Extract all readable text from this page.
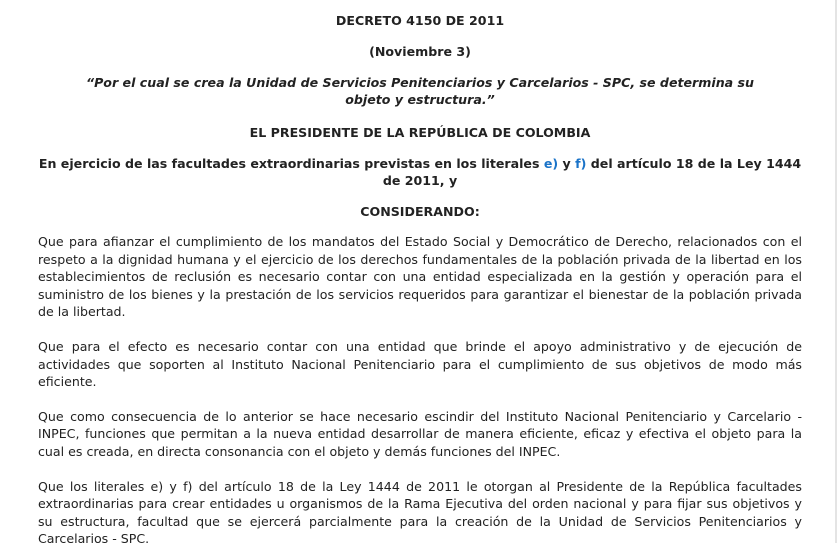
DECRETO 4150 DE 2011

(Noviembre 3)

“Por el cual se crea la Unidad de Servicios Penitenciarios y Carcelarios - SPC, se determina su objeto y estructura.”

EL PRESIDENTE DE LA REPÚBLICA DE COLOMBIA

En ejercicio de las facultades extraordinarias previstas en los literales e) y f) del artículo 18 de la Ley 1444 de 2011, y

CONSIDERANDO:

Que para afianzar el cumplimiento de los mandatos del Estado Social y Democrático de Derecho, relacionados con el respeto a la dignidad humana y el ejercicio de los derechos fundamentales de la población privada de la libertad en los establecimientos de reclusión es necesario contar con una entidad especializada en la gestión y operación para el suministro de los bienes y la prestación de los servicios requeridos para garantizar el bienestar de la población privada de la libertad.

Que para el efecto es necesario contar con una entidad que brinde el apoyo administrativo y de ejecución de actividades que soporten al Instituto Nacional Penitenciario para el cumplimiento de sus objetivos de modo más eficiente.

Que como consecuencia de lo anterior se hace necesario escindir del Instituto Nacional Penitenciario y Carcelario - INPEC, funciones que permitan a la nueva entidad desarrollar de manera eficiente, eficaz y efectiva el objeto para la cual es creada, en directa consonancia con el objeto y demás funciones del INPEC.

Que los literales e) y f) del artículo 18 de la Ley 1444 de 2011 le otorgan al Presidente de la República facultades extraordinarias para crear entidades u organismos de la Rama Ejecutiva del orden nacional y para fijar sus objetivos y su estructura, facultad que se ejercerá parcialmente para la creación de la Unidad de Servicios Penitenciarios y Carcelarios - SPC.
